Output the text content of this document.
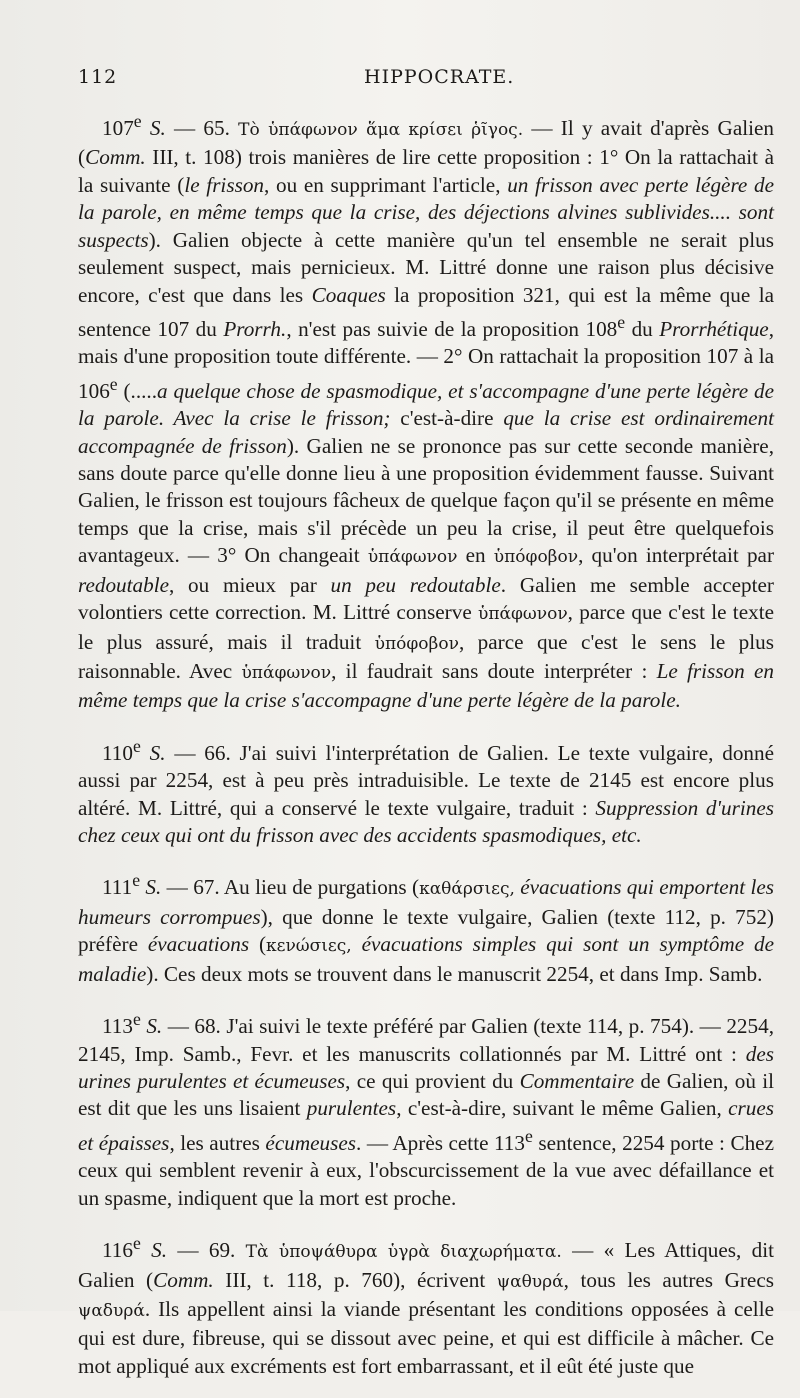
112	HIPPOCRATE.

107e S. — 65. Τὸ ὑπάφωνον ἅμα κρίσει ῥῖγος. — Il y avait d'après Galien (Comm. III, t. 108) trois manières de lire cette proposition : 1° On la rattachait à la suivante (le frisson, ou en supprimant l'article, un frisson avec perte légère de la parole, en même temps que la crise, des déjections alvines sublivides.... sont suspects). Galien objecte à cette manière qu'un tel ensemble ne serait plus seulement suspect, mais pernicieux. M. Littré donne une raison plus décisive encore, c'est que dans les Coaques la proposition 321, qui est la même que la sentence 107 du Prorrh., n'est pas suivie de la proposition 108e du Prorrhétique, mais d'une proposition toute différente. — 2° On rattachait la proposition 107 à la 106e (.....a quelque chose de spasmodique, et s'accompagne d'une perte légère de la parole. Avec la crise le frisson; c'est-à-dire que la crise est ordinairement accompagnée de frisson). Galien ne se prononce pas sur cette seconde manière, sans doute parce qu'elle donne lieu à une proposition évidemment fausse. Suivant Galien, le frisson est toujours fâcheux de quelque façon qu'il se présente en même temps que la crise, mais s'il précède un peu la crise, il peut être quelquefois avantageux. — 3° On changeait ὑπάφωνον en ὑπόφοβον, qu'on interprétait par redoutable, ou mieux par un peu redoutable. Galien me semble accepter volontiers cette correction. M. Littré conserve ὑπάφωνον, parce que c'est le texte le plus assuré, mais il traduit ὑπόφοβον, parce que c'est le sens le plus raisonnable. Avec ὑπάφωνον, il faudrait sans doute interpréter : Le frisson en même temps que la crise s'accompagne d'une perte légère de la parole.

110e S. — 66. J'ai suivi l'interprétation de Galien. Le texte vulgaire, donné aussi par 2254, est à peu près intraduisible. Le texte de 2145 est encore plus altéré. M. Littré, qui a conservé le texte vulgaire, traduit : Suppression d'urines chez ceux qui ont du frisson avec des accidents spasmodiques, etc.

111e S. — 67. Au lieu de purgations (καθάρσιες, évacuations qui emportent les humeurs corrompues), que donne le texte vulgaire, Galien (texte 112, p. 752) préfère évacuations (κενώσιες, évacuations simples qui sont un symptôme de maladie). Ces deux mots se trouvent dans le manuscrit 2254, et dans Imp. Samb.

113e S. — 68. J'ai suivi le texte préféré par Galien (texte 114, p. 754). — 2254, 2145, Imp. Samb., Fevr. et les manuscrits collationnés par M. Littré ont : des urines purulentes et écumeuses, ce qui provient du Commentaire de Galien, où il est dit que les uns lisaient purulentes, c'est-à-dire, suivant le même Galien, crues et épaisses, les autres écumeuses. — Après cette 113e sentence, 2254 porte : Chez ceux qui semblent revenir à eux, l'obscurcissement de la vue avec défaillance et un spasme, indiquent que la mort est proche.

116e S. — 69. Τὰ ὑποψάθυρα ὑγρὰ διαχωρήματα. — « Les Attiques, dit Galien (Comm. III, t. 118, p. 760), écrivent ψαθυρά, tous les autres Grecs ψαδυρά. Ils appellent ainsi la viande présentant les conditions opposées à celle qui est dure, fibreuse, qui se dissout avec peine, et qui est difficile à mâcher. Ce mot appliqué aux excréments est fort embarrassant, et il eût été juste que
